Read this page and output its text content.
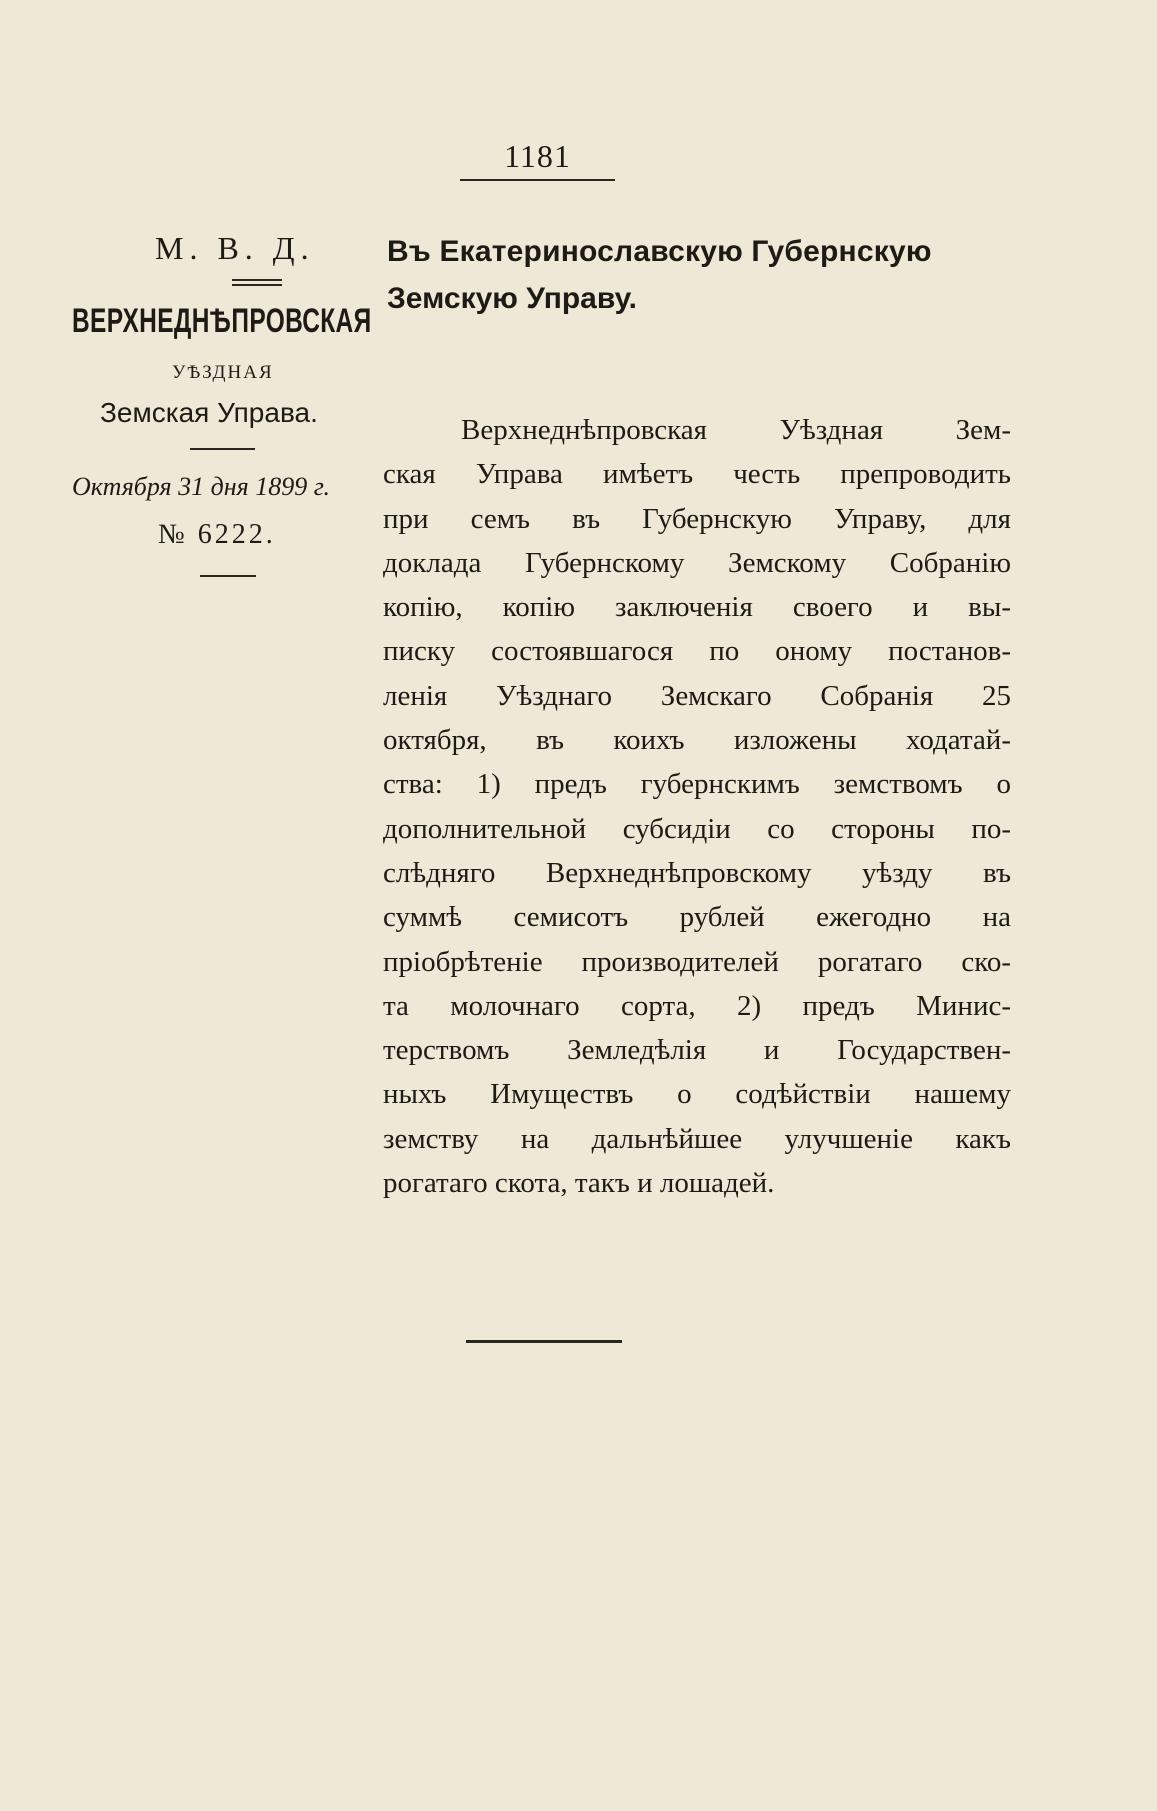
1181
М. В. Д.
ВЕРХНЕДНѢПРОВСКАЯ
УѢЗДНАЯ
Земская Управа.
Октября 31 дня 1899 г.
№ 6222.
Въ Екатеринославскую Губернскую
Земскую Управу.
Верхнеднѣпровская Уѣздная Зем-
ская Управа имѣетъ честь препроводить
при семъ въ Губернскую Управу, для
доклада Губернскому Земскому Собранію
копію, копію заключенія своего и вы-
писку состоявшагося по оному постанов-
ленія Уѣзднаго Земскаго Собранія 25
октября, въ коихъ изложены ходатай-
ства: 1) предъ губернскимъ земствомъ о
дополнительной субсидіи со стороны по-
слѣдняго Верхнеднѣпровскому уѣзду въ
суммѣ семисотъ рублей ежегодно на
пріобрѣтеніе производителей рогатаго ско-
та молочнаго сорта, 2) предъ Минис-
терствомъ Земледѣлія и Государствен-
ныхъ Имуществъ о содѣйствіи нашему
земству на дальнѣйшее улучшеніе какъ
рогатаго скота, такъ и лошадей.
